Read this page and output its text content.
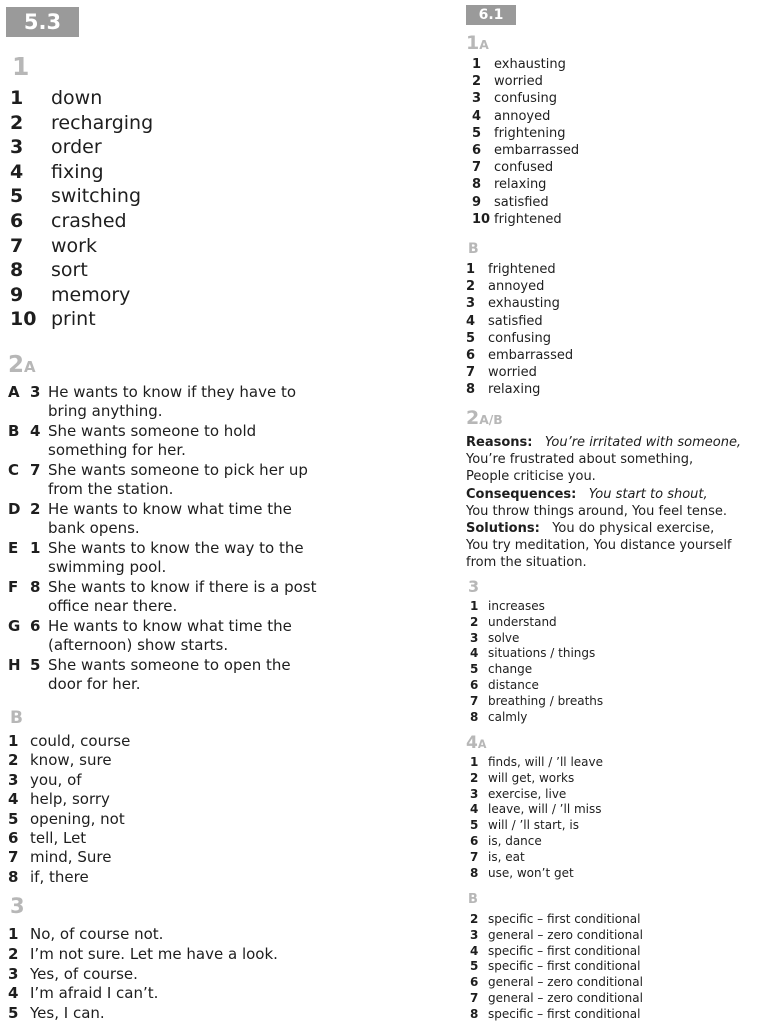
5.3
1
1 down
2 recharging
3 order
4 fixing
5 switching
6 crashed
7 work
8 sort
9 memory
10 print
2A
A 3 He wants to know if they have to
bring anything.
B 4 She wants someone to hold
something for her.
C 7 She wants someone to pick her up
from the station.
D 2 He wants to know what time the
bank opens.
E 1 She wants to know the way to the
swimming pool.
F 8 She wants to know if there is a post
office near there.
G 6 He wants to know what time the
(afternoon) show starts.
H 5 She wants someone to open the
door for her.
B
1 could, course
2 know, sure
3 you, of
4 help, sorry
5 opening, not
6 tell, Let
7 mind, Sure
8 if, there
3
1 No, of course not.
2 I’m not sure. Let me have a look.
3 Yes, of course.
4 I’m afraid I can’t.
5 Yes, I can.
6.1
1A
1 exhausting
2 worried
3 confusing
4 annoyed
5 frightening
6 embarrassed
7 confused
8 relaxing
9 satisfied
10 frightened
B
1 frightened
2 annoyed
3 exhausting
4 satisfied
5 confusing
6 embarrassed
7 worried
8 relaxing
2A/B
Reasons: You’re irritated with someone,
You’re frustrated about something,
People criticise you.
Consequences: You start to shout,
You throw things around, You feel tense.
Solutions: You do physical exercise,
You try meditation, You distance yourself
from the situation.
3
1 increases
2 understand
3 solve
4 situations / things
5 change
6 distance
7 breathing / breaths
8 calmly
4A
1 finds, will / ’ll leave
2 will get, works
3 exercise, live
4 leave, will / ’ll miss
5 will / ’ll start, is
6 is, dance
7 is, eat
8 use, won’t get
B
2 specific – first conditional
3 general – zero conditional
4 specific – first conditional
5 specific – first conditional
6 general – zero conditional
7 general – zero conditional
8 specific – first conditional
